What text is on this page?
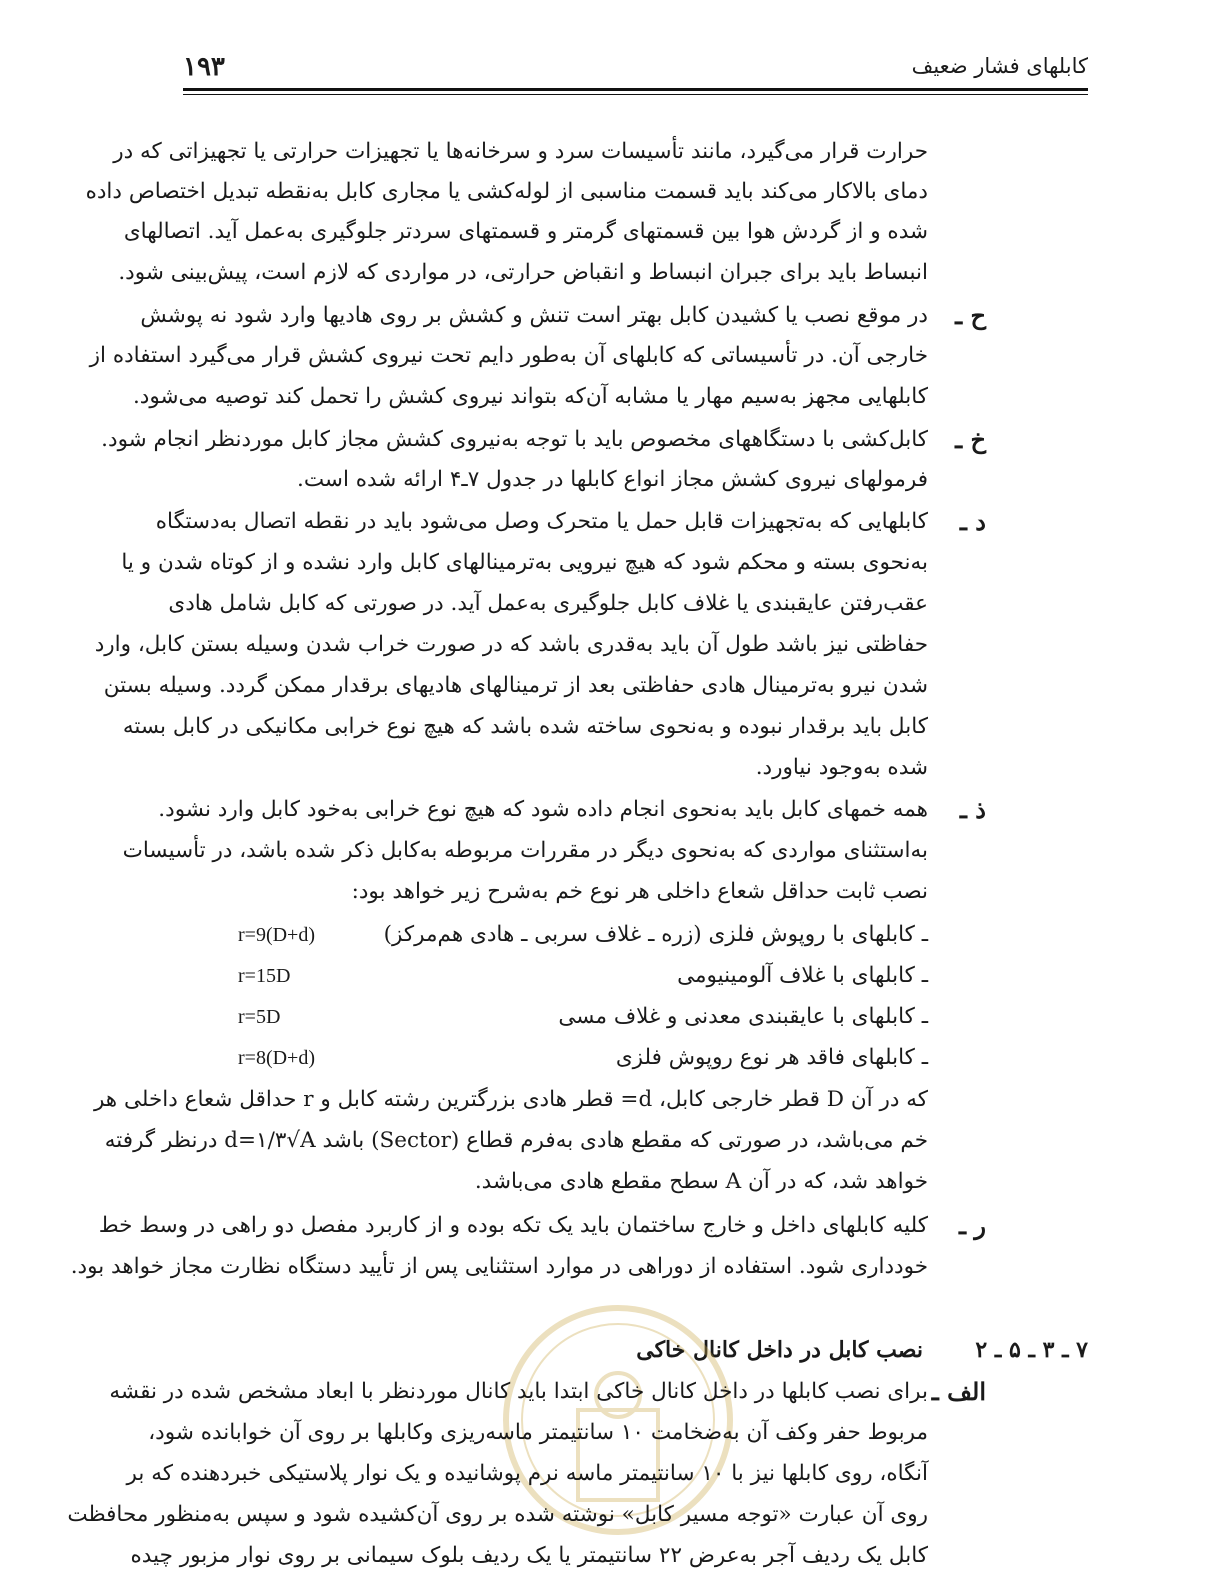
کابلهای فشار ضعیف
۱۹۳
حرارت قرار می‌گیرد، مانند تأسیسات سرد و سرخانه‌ها یا تجهیزات حرارتی یا تجهیزاتی که در
دمای بالاکار می‌کند باید قسمت مناسبی از لوله‌کشی یا مجاری کابل به‌نقطه تبدیل اختصاص داده
شده و از گردش هوا بین قسمتهای گرمتر و قسمتهای سردتر جلوگیری به‌عمل آید. اتصالهای
انبساط باید برای جبران انبساط و انقباض حرارتی، در مواردی که لازم است، پیش‌بینی شود.
ح ـ
در موقع نصب یا کشیدن کابل بهتر است تنش و کشش بر روی هادیها وارد شود نه پوشش
خارجی آن. در تأسیساتی که کابلهای آن به‌طور دایم تحت نیروی کشش قرار می‌گیرد استفاده از
کابلهایی مجهز به‌سیم مهار یا مشابه آن‌که بتواند نیروی کشش را تحمل کند توصیه می‌شود.
خ ـ
کابل‌کشی با دستگاههای مخصوص باید با توجه به‌نیروی کشش مجاز کابل موردنظر انجام شود.
فرمولهای نیروی کشش مجاز انواع کابلها در جدول ۷ـ۴ ارائه شده است.
د ـ
کابلهایی که به‌تجهیزات قابل حمل یا متحرک وصل می‌شود باید در نقطه اتصال به‌دستگاه
به‌نحوی بسته و محکم شود که هیچ نیرویی به‌ترمینالهای کابل وارد نشده و از کوتاه شدن و یا
عقب‌رفتن عایقبندی یا غلاف کابل جلوگیری به‌عمل آید. در صورتی که کابل شامل هادی
حفاظتی نیز باشد طول آن باید به‌قدری باشد که در صورت خراب شدن وسیله بستن کابل، وارد
شدن نیرو به‌ترمینال هادی حفاظتی بعد از ترمینالهای هادیهای برقدار ممکن گردد. وسیله بستن
کابل باید برقدار نبوده و به‌نحوی ساخته شده باشد که هیچ نوع خرابی مکانیکی در کابل بسته
شده به‌وجود نیاورد.
ذ ـ
همه خمهای کابل باید به‌نحوی انجام داده شود که هیچ نوع خرابی به‌خود کابل وارد نشود.
به‌استثنای مواردی که به‌نحوی دیگر در مقررات مربوطه به‌کابل ذکر شده باشد، در تأسیسات
نصب ثابت حداقل شعاع داخلی هر نوع خم به‌شرح زیر خواهد بود:
ـ کابلهای با روپوش فلزی (زره ـ غلاف سربی ـ هادی هم‌مرکز)
r=9(D+d)
ـ کابلهای با غلاف آلومینیومی
r=15D
ـ کابلهای با عایقبندی معدنی و غلاف مسی
r=5D
ـ کابلهای فاقد هر نوع روپوش فلزی
r=8(D+d)
که در آن D قطر خارجی کابل، d= قطر هادی بزرگترین رشته کابل و r حداقل شعاع داخلی هر
خم می‌باشد، در صورتی که مقطع هادی به‌فرم قطاع (Sector) باشد d=۱/۳√A درنظر گرفته
خواهد شد، که در آن A سطح مقطع هادی می‌باشد.
ر ـ
کلیه کابلهای داخل و خارج ساختمان باید یک تکه بوده و از کاربرد مفصل دو راهی در وسط خط
خودداری شود. استفاده از دوراهی در موارد استثنایی پس از تأیید دستگاه نظارت مجاز خواهد بود.
۷ ـ ۳ ـ ۵ ـ ۲
نصب کابل در داخل کانال خاکی
الف ـ
برای نصب کابلها در داخل کانال خاکی ابتدا باید کانال موردنظر با ابعاد مشخص شده در نقشه
مربوط حفر وکف آن به‌ضخامت ۱۰ سانتیمتر ماسه‌ریزی وکابلها بر روی آن خوابانده شود،
آنگاه، روی کابلها نیز با ۱۰ سانتیمتر ماسه نرم پوشانیده و یک نوار پلاستیکی خبردهنده که بر
روی آن عبارت «توجه مسیر کابل» نوشته شده بر روی آن‌کشیده شود و سپس به‌منظور محافظت
کابل یک ردیف آجر به‌عرض ۲۲ سانتیمتر یا یک ردیف بلوک سیمانی بر روی نوار مزبور چیده
